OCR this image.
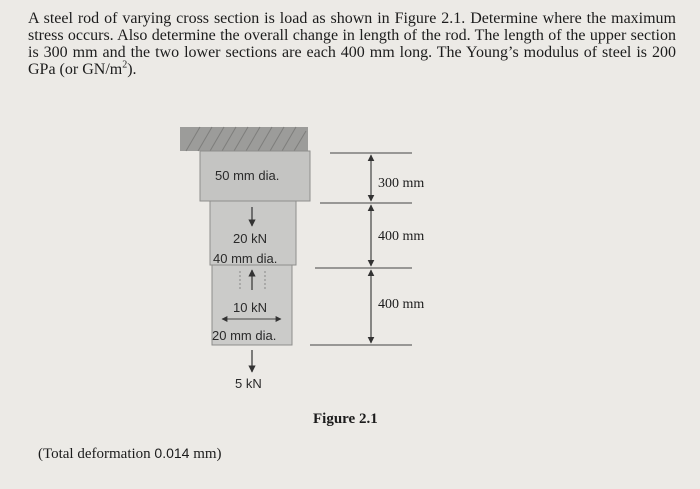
A steel rod of varying cross section is load as shown in Figure 2.1. Determine where the maximum stress occurs. Also determine the overall change in length of the rod. The length of the upper section is 300 mm and the two lower sections are each 400 mm long. The Young’s modulus of steel is 200 GPa (or $GN/m^2$).

50 mm dia.
40 mm dia.
20 mm dia.
20 kN
10 kN
5 kN
300 mm
400 mm
400 mm

Figure 2.1

(Total deformation 0.014 mm)
